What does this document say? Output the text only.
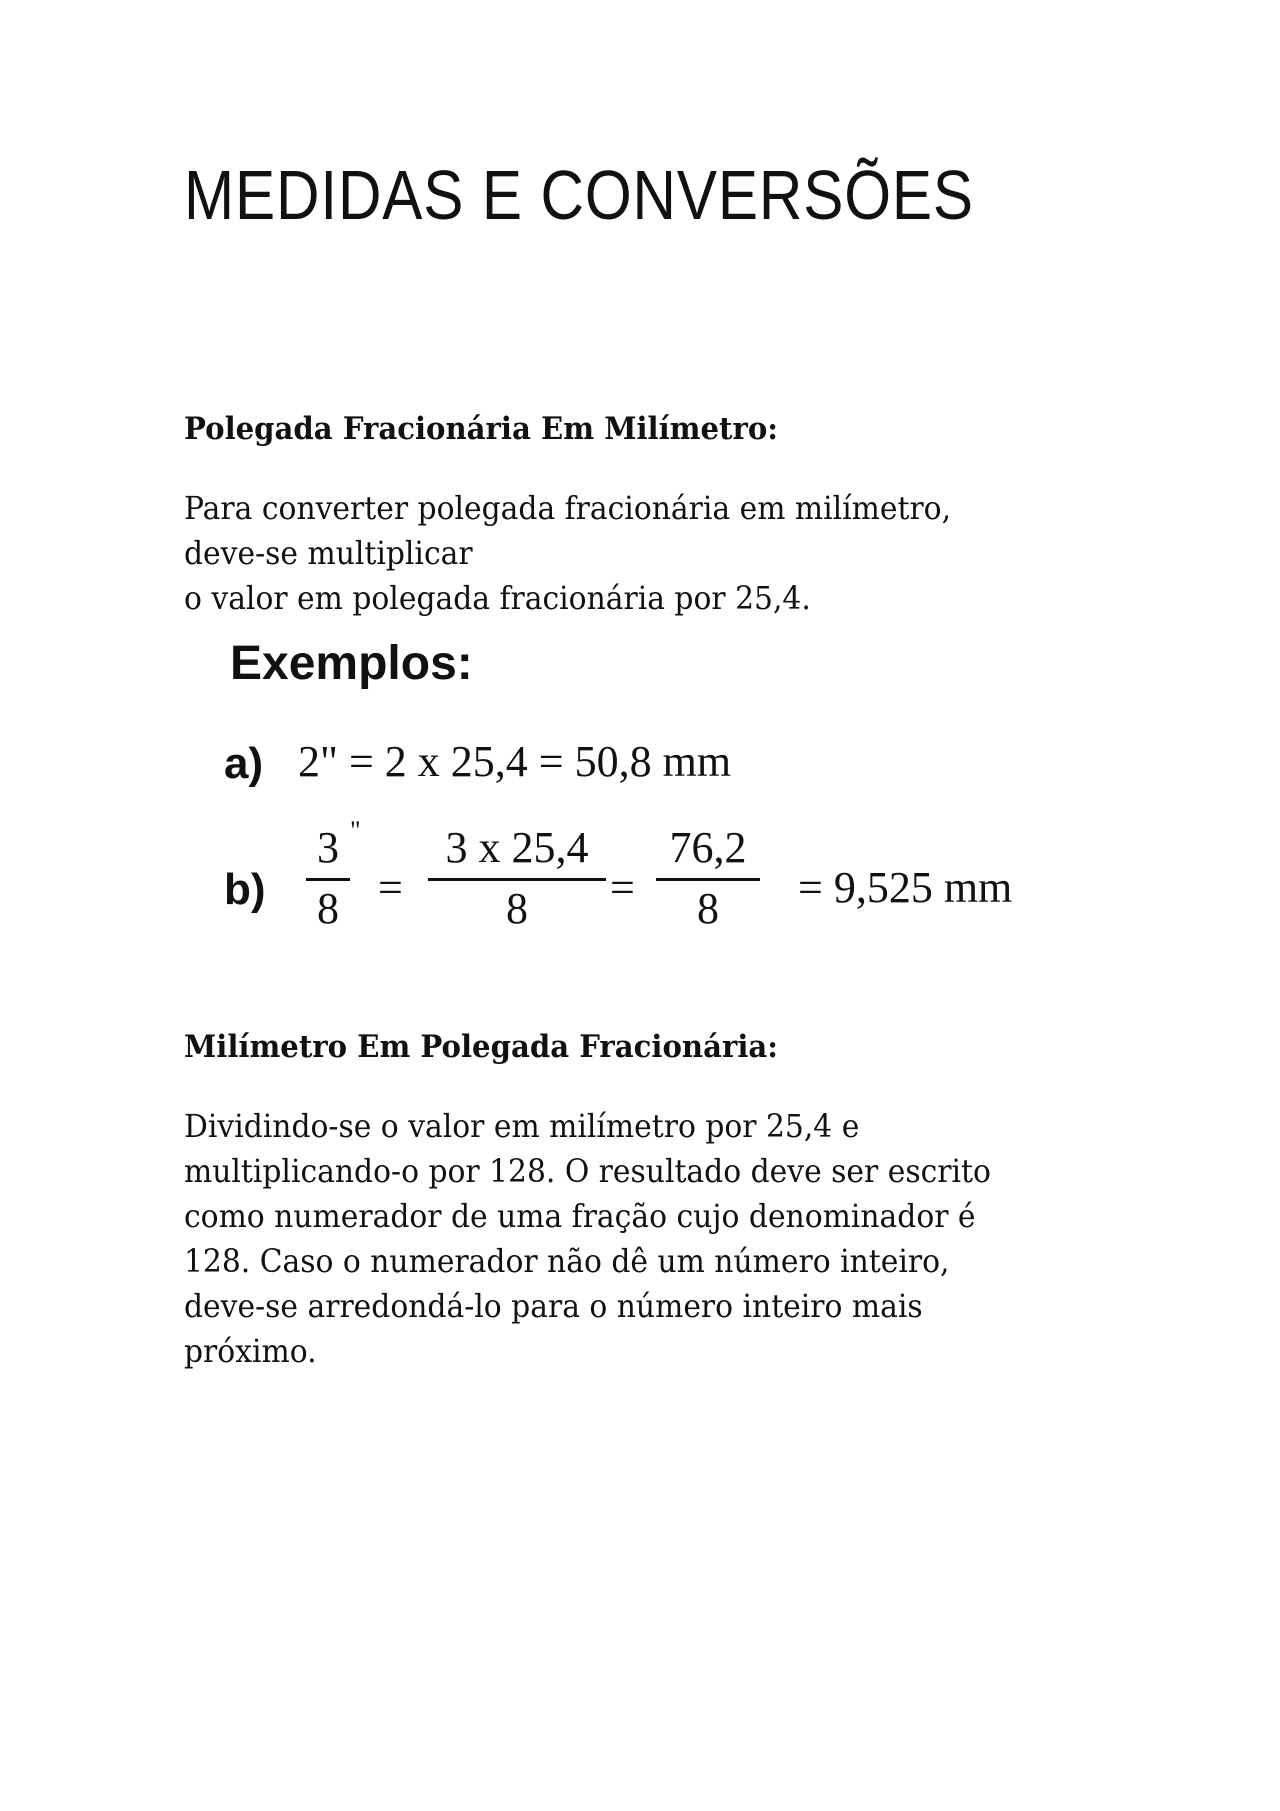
MEDIDAS E CONVERSÕES
Polegada Fracionária Em Milímetro:

Para converter polegada fracionária em milímetro,
deve-se multiplicar
o valor em polegada fracionária por 25,4.

Exemplos:
a) 2" = 2 x 25,4 = 50,8 mm
b)
3
8
"
=
3 x 25,4
8	=
76,2
8	= 9,525 mm
Milímetro Em Polegada Fracionária:

Dividindo-se o valor em milímetro por 25,4 e
multiplicando-o por 128. O resultado deve ser escrito
como numerador de uma fração cujo denominador é
128. Caso o numerador não dê um número inteiro,
deve-se arredondá-lo para o número inteiro mais
próximo.
